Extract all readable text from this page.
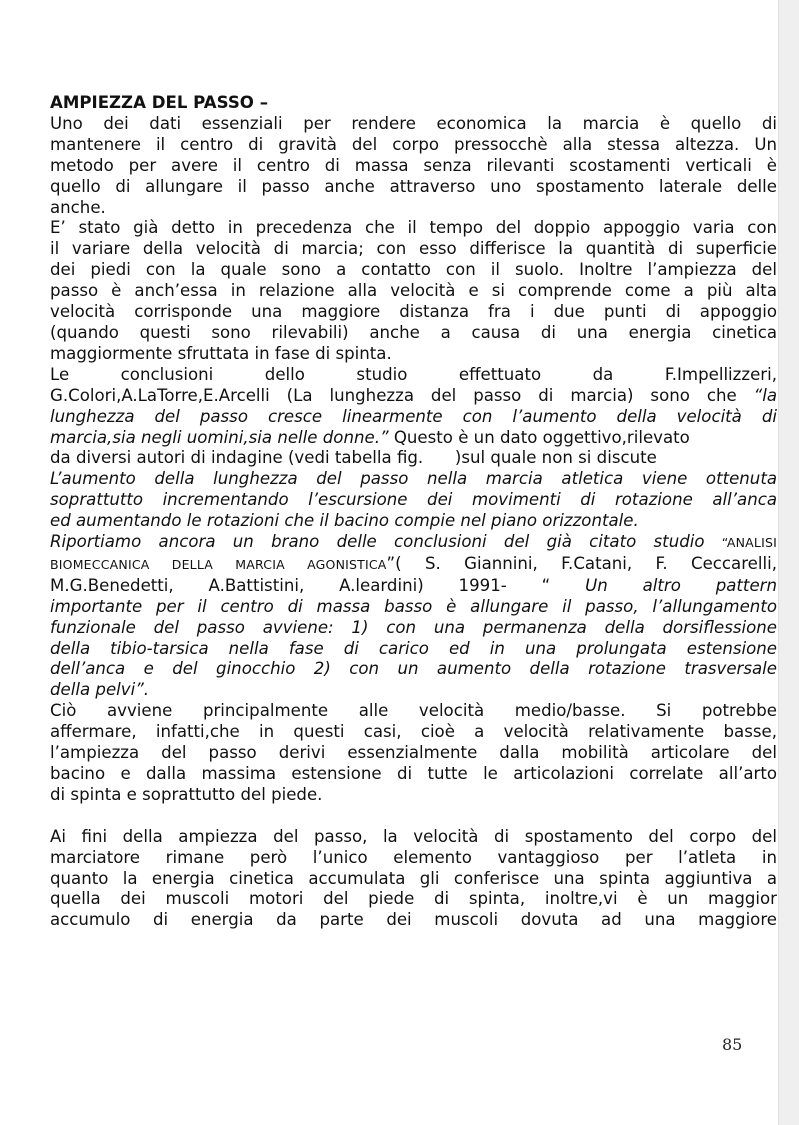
AMPIEZZA DEL PASSO –
Uno dei dati essenziali per rendere economica la marcia è quello di
mantenere il centro di gravità del corpo pressocchè alla stessa altezza. Un
metodo per avere il centro di massa senza rilevanti scostamenti verticali è
quello di allungare il passo anche attraverso uno spostamento laterale delle
anche.
E’ stato già detto in precedenza che il tempo del doppio appoggio varia con
il variare della velocità di marcia; con esso differisce la quantità di superficie
dei piedi con la quale sono a contatto con il suolo. Inoltre l’ampiezza del
passo è anch’essa in relazione alla velocità e si comprende come a più alta
velocità corrisponde una maggiore distanza fra i due punti di appoggio
(quando questi sono rilevabili) anche a causa di una energia cinetica
maggiormente sfruttata in fase di spinta.
Le conclusioni dello studio effettuato da F.Impellizzeri,
G.Colori,A.LaTorre,E.Arcelli (La lunghezza del passo di marcia) sono che “la
lunghezza del passo cresce linearmente con l’aumento della velocità di
marcia,sia negli uomini,sia nelle donne.” Questo è un dato oggettivo,rilevato
da diversi autori di indagine (vedi tabella fig.      )sul quale non si discute
L’aumento della lunghezza del passo nella marcia atletica viene ottenuta
soprattutto incrementando l’escursione dei movimenti di rotazione all’anca
ed aumentando le rotazioni che il bacino compie nel piano orizzontale.
Riportiamo ancora un brano delle conclusioni del già citato studio “ANALISI
BIOMECCANICA DELLA MARCIA AGONISTICA”( S. Giannini, F.Catani, F. Ceccarelli,
M.G.Benedetti, A.Battistini, A.leardini) 1991- “ Un altro pattern
importante per il centro di massa basso è allungare il passo, l’allungamento
funzionale del passo avviene: 1) con una permanenza della dorsiflessione
della tibio-tarsica nella fase di carico ed in una prolungata estensione
dell’anca e del ginocchio 2) con un aumento della rotazione trasversale
della pelvi”.
Ciò avviene principalmente alle velocità medio/basse. Si potrebbe
affermare, infatti,che in questi casi, cioè a velocità relativamente basse,
l’ampiezza del passo derivi essenzialmente dalla mobilità articolare del
bacino e dalla massima estensione di tutte le articolazioni correlate all’arto
di spinta e soprattutto del piede.
Ai fini della ampiezza del passo, la velocità di spostamento del corpo del
marciatore rimane però l’unico elemento vantaggioso per l’atleta in
quanto la energia cinetica accumulata gli conferisce una spinta aggiuntiva a
quella dei muscoli motori del piede di spinta, inoltre,vi è un maggior
accumulo di energia da parte dei muscoli dovuta ad una maggiore
85
